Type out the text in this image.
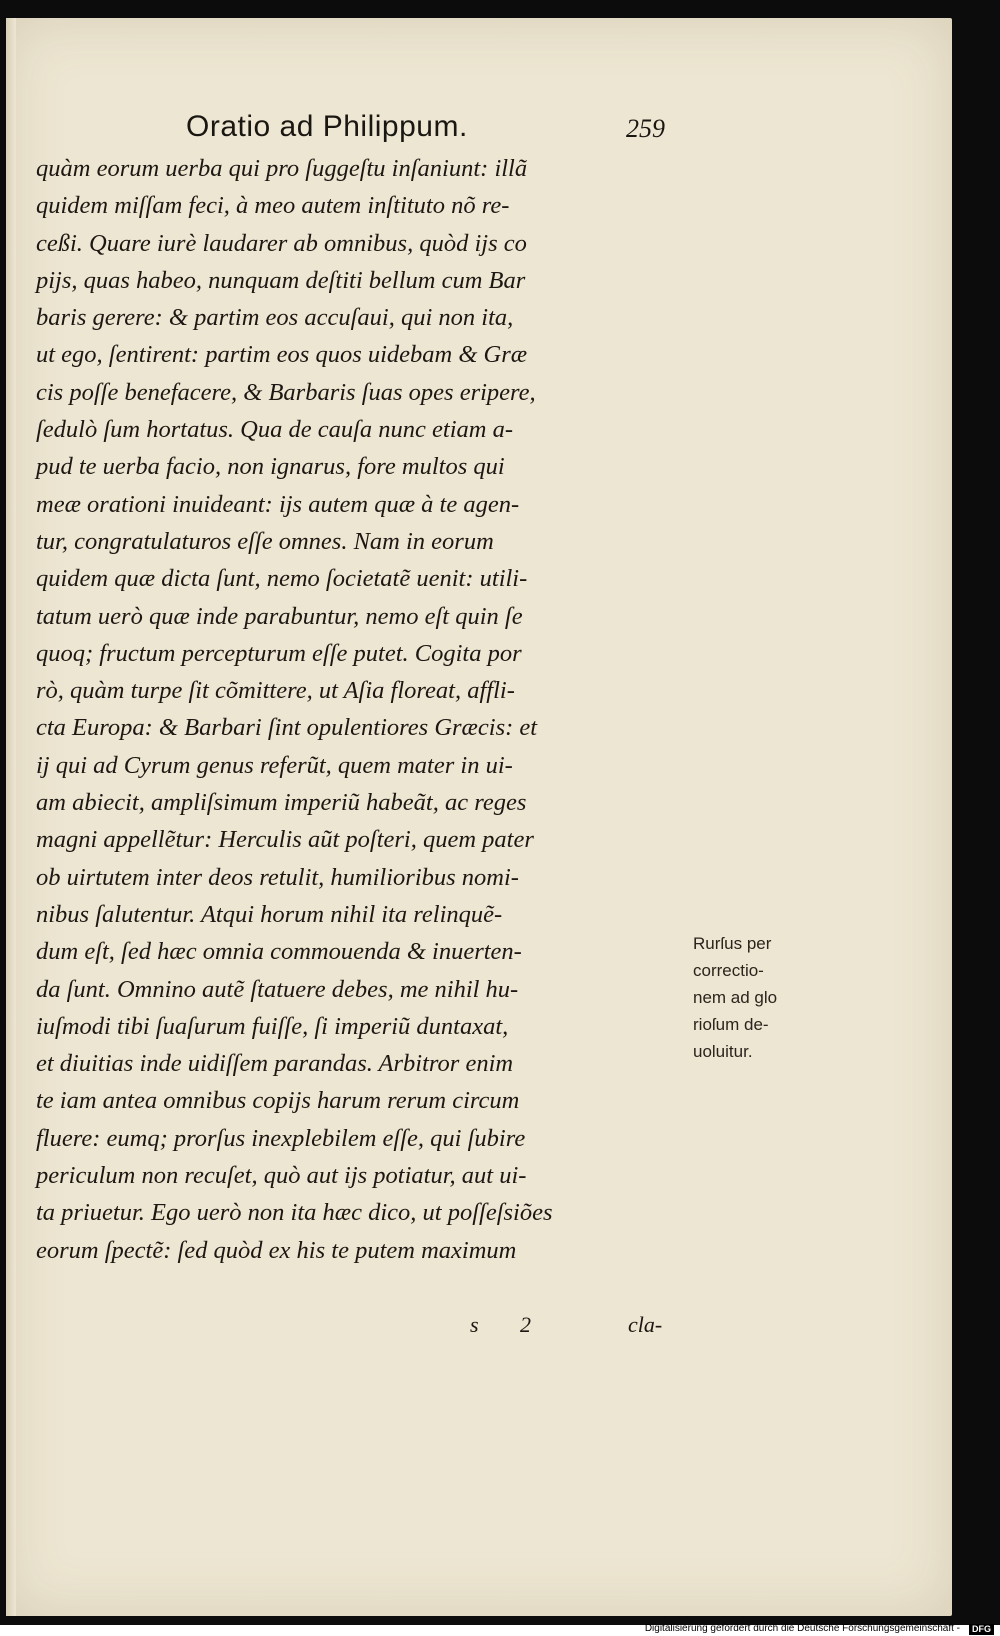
Oratio ad Philippum.	259
quàm eorum uerba qui pro ſuggeſtu inſaniunt: illã
quidem miſſam feci, à meo autem inſtituto nõ re-
ceßi. Quare iurè laudarer ab omnibus, quòd ijs co
pijs, quas habeo, nunquam deſtiti bellum cum Bar
baris gerere: & partim eos accuſaui, qui non ita,
ut ego, ſentirent: partim eos quos uidebam & Græ
cis poſſe benefacere, & Barbaris ſuas opes eripere,
ſedulò ſum hortatus. Qua de cauſa nunc etiam a-
pud te uerba facio, non ignarus, fore multos qui
meæ orationi inuideant: ijs autem quæ à te agen-
tur, congratulaturos eſſe omnes. Nam in eorum
quidem quæ dicta ſunt, nemo ſocietatẽ uenit: utili-
tatum uerò quæ inde parabuntur, nemo eſt quin ſe
quoq; fructum percepturum eſſe putet. Cogita por
rò, quàm turpe ſit cõmittere, ut Aſia floreat, affli-
cta Europa: & Barbari ſint opulentiores Græcis: et
ij qui ad Cyrum genus referũt, quem mater in ui-
am abiecit, ampliſsimum imperiũ habeãt, ac reges
magni appellẽtur: Herculis aũt poſteri, quem pater
ob uirtutem inter deos retulit, humilioribus nomi-
nibus ſalutentur. Atqui horum nihil ita relinquẽ-
dum eſt, ſed hæc omnia commouenda & inuerten-
da ſunt. Omnino autẽ ſtatuere debes, me nihil hu-
iuſmodi tibi ſuaſurum fuiſſe, ſi imperiũ duntaxat,
et diuitias inde uidiſſem parandas. Arbitror enim
te iam antea omnibus copijs harum rerum circum
fluere: eumq; prorſus inexplebilem eſſe, qui ſubire
periculum non recuſet, quò aut ijs potiatur, aut ui-
ta priuetur. Ego uerò non ita hæc dico, ut poſſeſsiões
eorum ſpectẽ: ſed quòd ex his te putem maximum
Rurſus per
correctio-
nem ad glo
rioſum de-
uoluitur.
s 2	cla-
Digitalisierung gefördert durch die Deutsche Forschungsgemeinschaft -	DFG
